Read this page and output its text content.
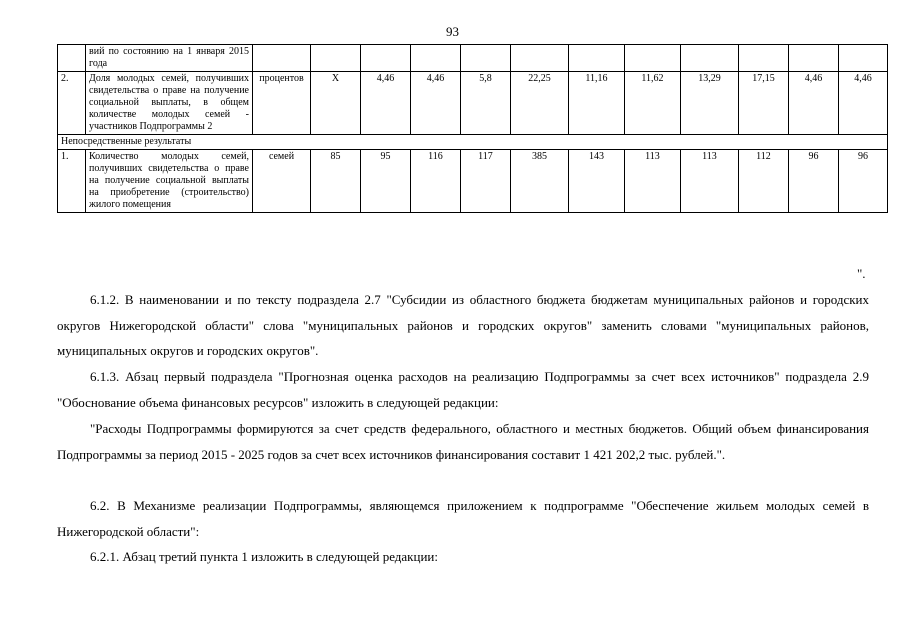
93
	вий по состоянию на 1 января 2015 года												
2.	Доля молодых семей, получивших свидетельства о праве на получение социальной выплаты, в общем количестве молодых семей - участников Подпрограммы 2	процентов	Х	4,46	4,46	5,8	22,25	11,16	11,62	13,29	17,15	4,46	4,46
Непосредственные результаты													
1.	Количество молодых семей, получивших свидетельства о праве на получение социальной выплаты на приобретение (строительство) жилого помещения	семей	85	95	116	117	385	143	113	113	112	96	96
".

6.1.2. В наименовании и по тексту подраздела 2.7 "Субсидии из областного бюджета бюджетам муниципальных районов и городских округов Нижегородской области" слова "муниципальных районов и городских округов" заменить словами "муниципальных районов, муниципальных округов и городских округов".

6.1.3. Абзац первый подраздела "Прогнозная оценка расходов на реализацию Подпрограммы за счет всех источников" подраздела 2.9 "Обоснование объема финансовых ресурсов" изложить в следующей редакции:

"Расходы Подпрограммы формируются за счет средств федерального, областного и местных бюджетов. Общий объем финансирования Подпрограммы за период 2015 - 2025 годов за счет всех источников финансирования составит 1 421 202,2 тыс. рублей.".

6.2. В Механизме реализации Подпрограммы, являющемся приложением к подпрограмме "Обеспечение жильем молодых семей в Нижегородской области":

6.2.1. Абзац третий пункта 1 изложить в следующей редакции:
